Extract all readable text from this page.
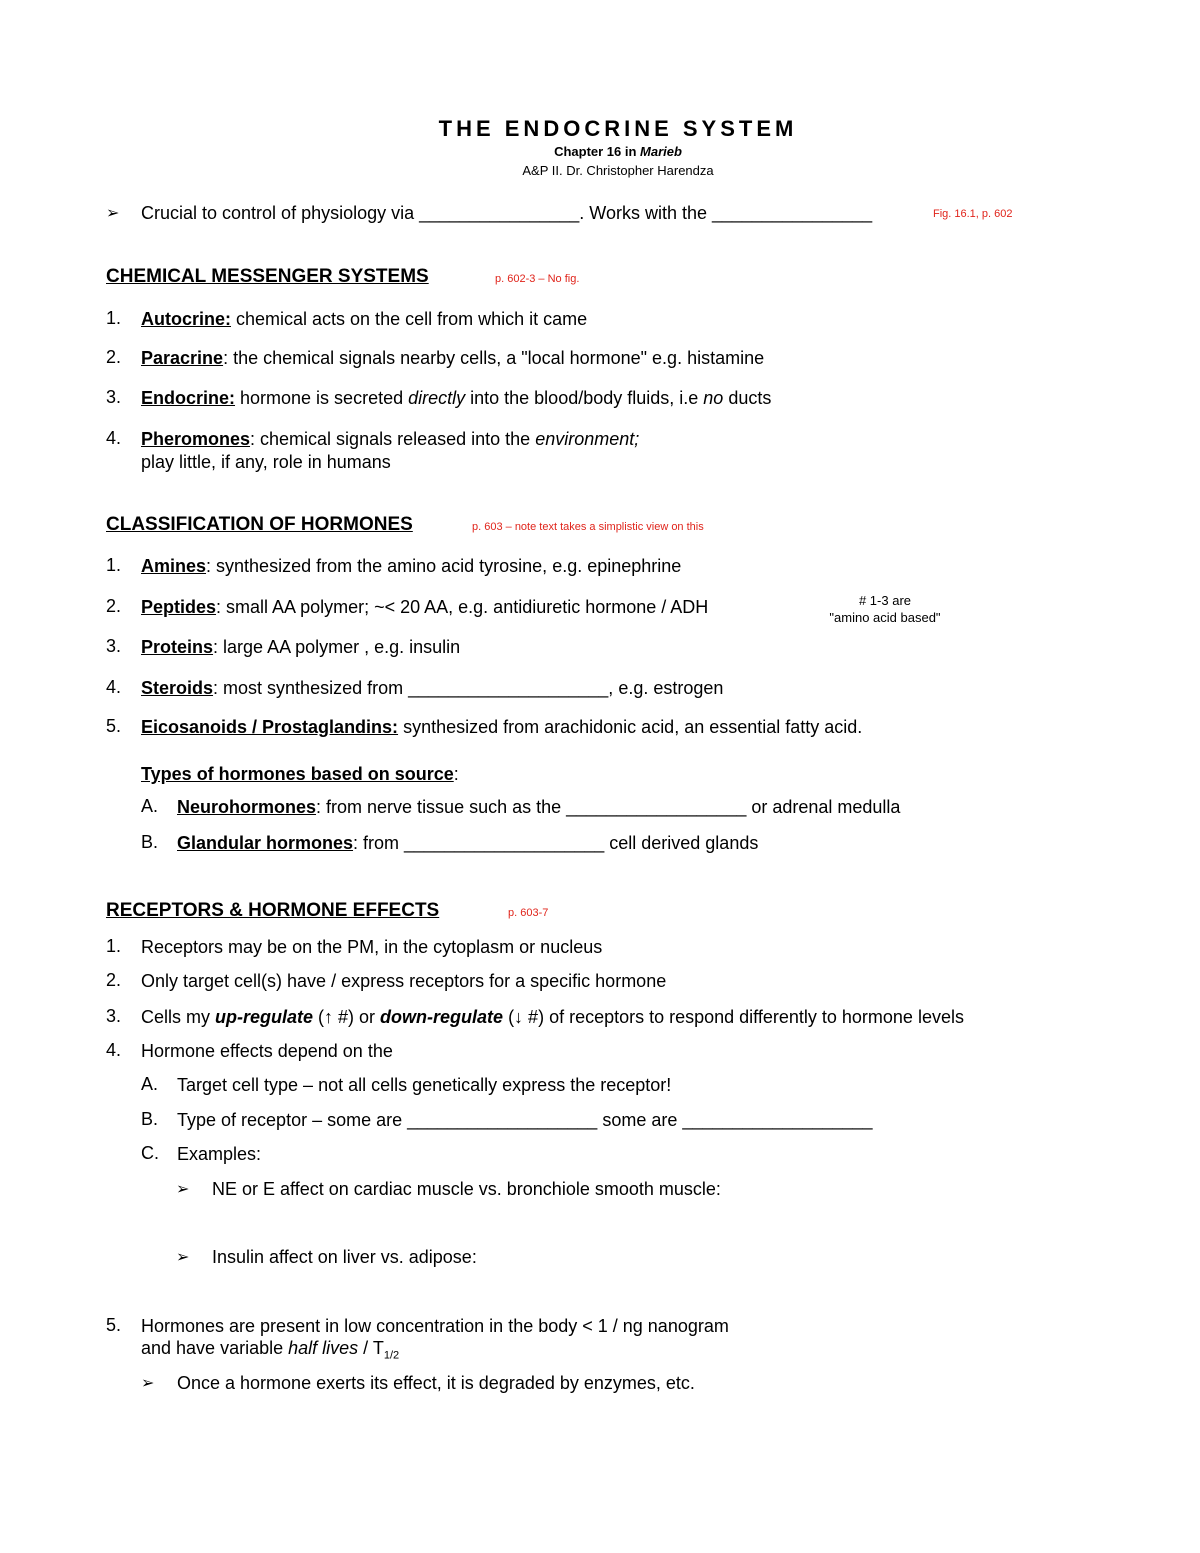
THE ENDOCRINE SYSTEM
Chapter 16 in Marieb
A&P II. Dr. Christopher Harendza
➢ Crucial to control of physiology via ________________. Works with the ________________	Fig. 16.1, p. 602
CHEMICAL MESSENGER SYSTEMS	p. 602-3 – No fig.
1. Autocrine: chemical acts on the cell from which it came
2. Paracrine: the chemical signals nearby cells, a "local hormone" e.g. histamine
3. Endocrine: hormone is secreted directly into the blood/body fluids, i.e no ducts
4. Pheromones: chemical signals released into the environment;
play little, if any, role in humans
CLASSIFICATION OF HORMONES	p. 603 – note text takes a simplistic view on this
1. Amines: synthesized from the amino acid tyrosine, e.g. epinephrine
2. Peptides: small AA polymer; ~< 20 AA, e.g. antidiuretic hormone / ADH	# 1-3 are
"amino acid based"
3. Proteins: large AA polymer , e.g. insulin
4. Steroids: most synthesized from ____________________, e.g. estrogen
5. Eicosanoids / Prostaglandins: synthesized from arachidonic acid, an essential fatty acid.
Types of hormones based on source:
A. Neurohormones: from nerve tissue such as the __________________ or adrenal medulla
B. Glandular hormones: from ____________________ cell derived glands
RECEPTORS & HORMONE EFFECTS	p. 603-7
1. Receptors may be on the PM, in the cytoplasm or nucleus
2. Only target cell(s) have / express receptors for a specific hormone
3. Cells my up-regulate (↑ #) or down-regulate (↓ #) of receptors to respond differently to hormone levels
4. Hormone effects depend on the
A. Target cell type – not all cells genetically express the receptor!
B. Type of receptor – some are ___________________ some are ___________________
C. Examples:
➢ NE or E affect on cardiac muscle vs. bronchiole smooth muscle:
➢ Insulin affect on liver vs. adipose:
5. Hormones are present in low concentration in the body < 1 / ng nanogram
and have variable half lives / $T_{1/2}$
➢ Once a hormone exerts its effect, it is degraded by enzymes, etc.
